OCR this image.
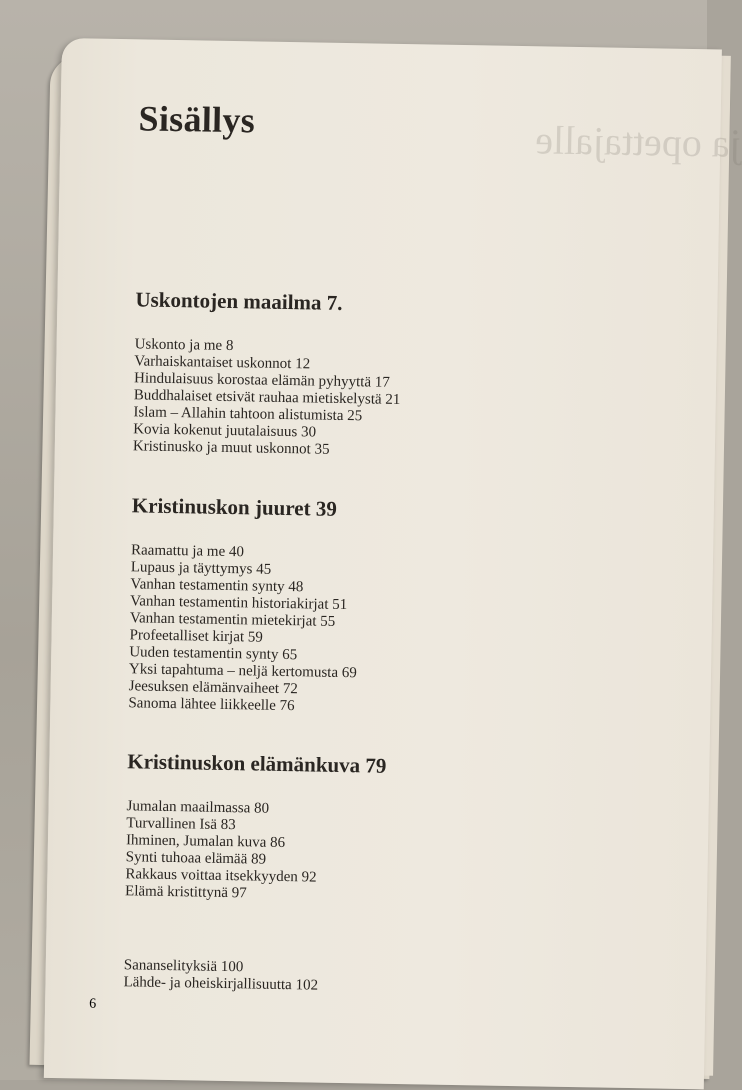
ja opettajalle
Sisällys
Uskontojen maailma 7.
Uskonto ja me 8
Varhaiskantaiset uskonnot 12
Hindulaisuus korostaa elämän pyhyyttä 17
Buddhalaiset etsivät rauhaa mietiskelystä 21
Islam – Allahin tahtoon alistumista 25
Kovia kokenut juutalaisuus 30
Kristinusko ja muut uskonnot 35
Kristinuskon juuret 39
Raamattu ja me 40
Lupaus ja täyttymys 45
Vanhan testamentin synty 48
Vanhan testamentin historiakirjat 51
Vanhan testamentin mietekirjat 55
Profeetalliset kirjat 59
Uuden testamentin synty 65
Yksi tapahtuma – neljä kertomusta 69
Jeesuksen elämänvaiheet 72
Sanoma lähtee liikkeelle 76
Kristinuskon elämänkuva 79
Jumalan maailmassa 80
Turvallinen Isä 83
Ihminen, Jumalan kuva 86
Synti tuhoaa elämää 89
Rakkaus voittaa itsekkyyden 92
Elämä kristittynä 97
Sananselityksiä 100
Lähde- ja oheiskirjallisuutta 102
6
